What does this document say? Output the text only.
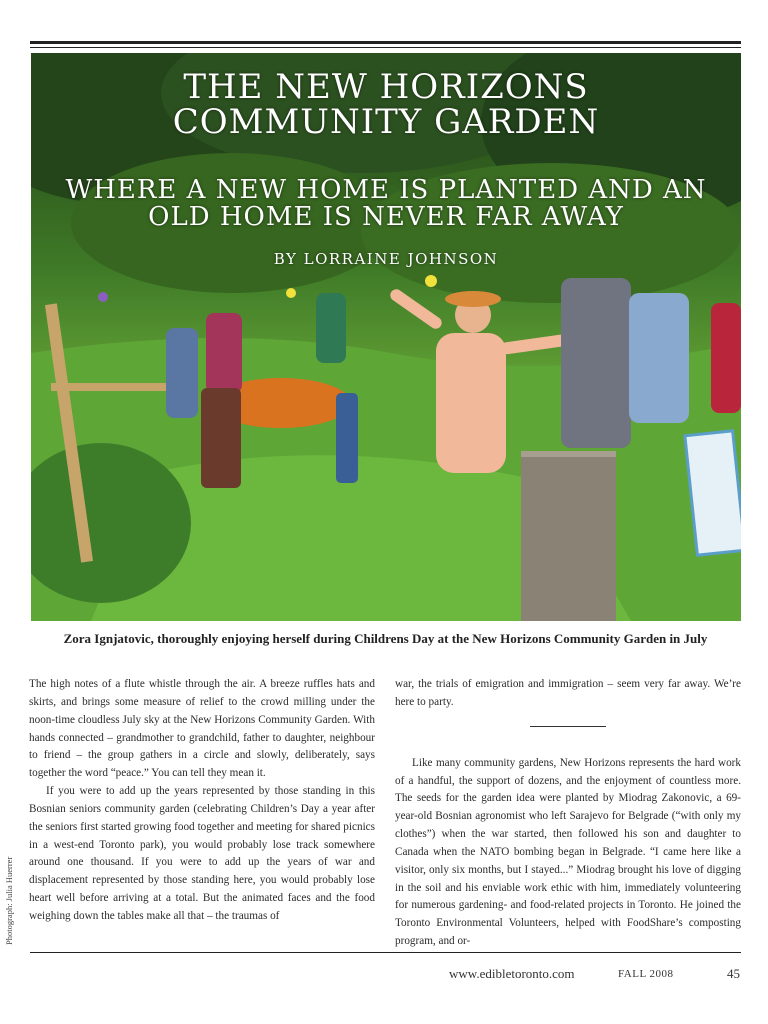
THE NEW HORIZONS
COMMUNITY GARDEN
WHERE A NEW HOME IS PLANTED AND AN
OLD HOME IS NEVER FAR AWAY
BY LORRAINE JOHNSON
Zora Ignjatovic, thoroughly enjoying herself during Childrens Day at the New Horizons Community Garden in July
Photograph: Julia Huerrer

The high notes of a flute whistle through the air. A breeze ruffles hats and skirts, and brings some measure of relief to the crowd milling under the noon-time cloudless July sky at the New Horizons Community Garden. With hands connected – grandmother to grandchild, father to daughter, neighbour to friend – the group gathers in a circle and slowly, deliberately, says together the word “peace.” You can tell they mean it.

If you were to add up the years represented by those standing in this Bosnian seniors community garden (celebrating Children’s Day a year after the seniors first started growing food together and meeting for shared picnics in a west-end Toronto park), you would probably lose track somewhere around one thousand. If you were to add up the years of war and displacement represented by those standing here, you would probably lose heart well before arriving at a total. But the animated faces and the food weighing down the tables make all that – the traumas of

war, the trials of emigration and immigration – seem very far away. We’re here to party.

Like many community gardens, New Horizons represents the hard work of a handful, the support of dozens, and the enjoyment of countless more. The seeds for the garden idea were planted by Miodrag Zakonovic, a 69-year-old Bosnian agronomist who left Sarajevo for Belgrade (“with only my clothes”) when the war started, then followed his son and daughter to Canada when the NATO bombing began in Belgrade. “I came here like a visitor, only six months, but I stayed...” Miodrag brought his love of digging in the soil and his enviable work ethic with him, immediately volunteering for numerous gardening- and food-related projects in Toronto. He joined the Toronto Environmental Volunteers, helped with FoodShare’s composting program, and or-

www.edibletoronto.com	FALL 2008	45
